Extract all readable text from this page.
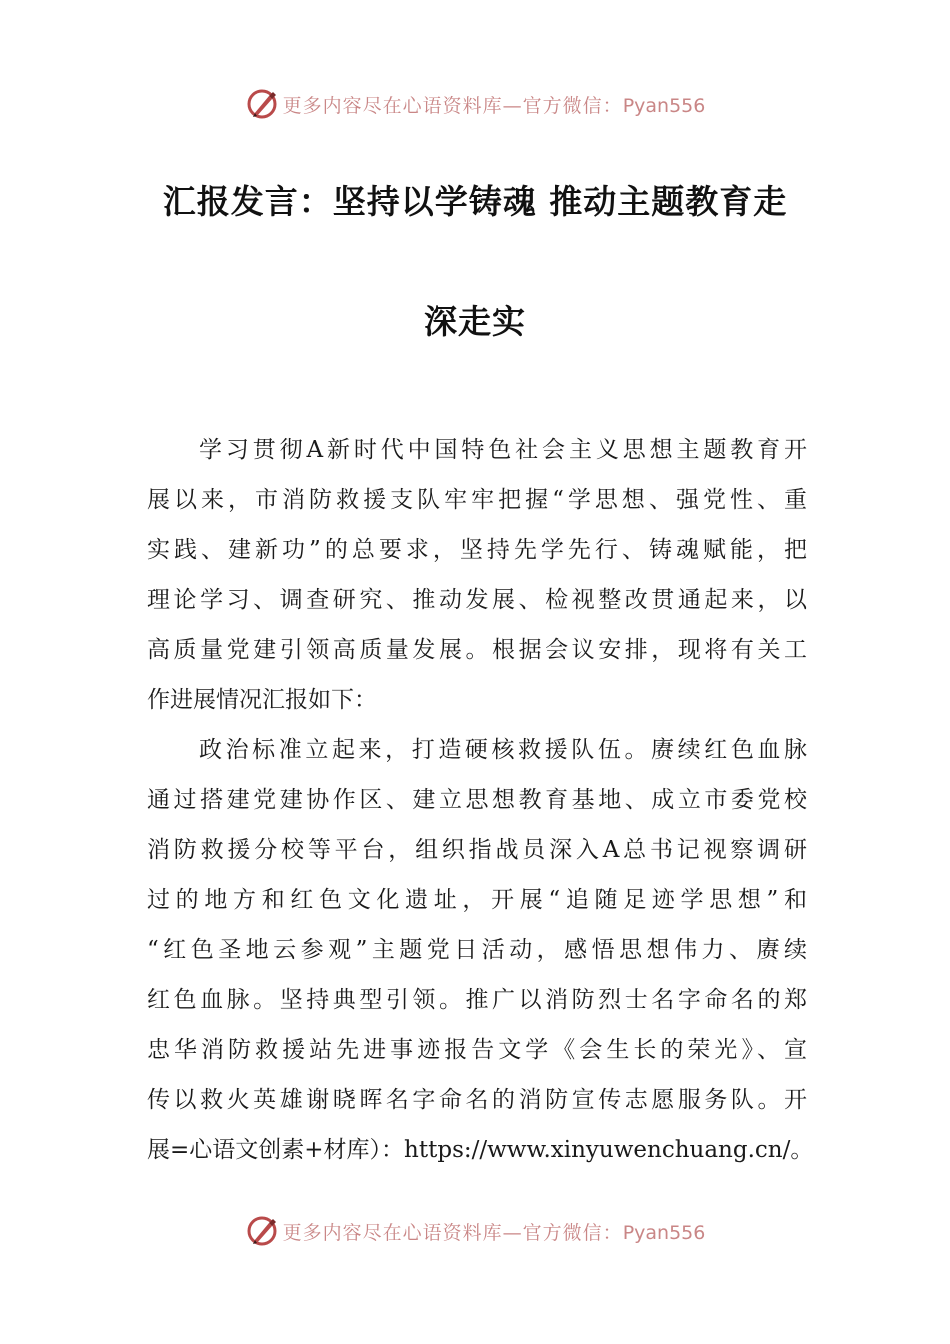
更多内容尽在心语资料库—官方微信：Pyan556
汇报发言：坚持以学铸魂 推动主题教育走
深走实
学习贯彻A新时代中国特色社会主义思想主题教育开
展以来，市消防救援支队牢牢把握“学思想、强党性、重
实践、建新功”的总要求，坚持先学先行、铸魂赋能，把
理论学习、调查研究、推动发展、检视整改贯通起来，以
高质量党建引领高质量发展。根据会议安排，现将有关工
作进展情况汇报如下：
政治标准立起来，打造硬核救援队伍。赓续红色血脉
通过搭建党建协作区、建立思想教育基地、成立市委党校
消防救援分校等平台，组织指战员深入A总书记视察调研
过的地方和红色文化遗址，开展“追随足迹学思想”和
“红色圣地云参观”主题党日活动，感悟思想伟力、赓续
红色血脉。坚持典型引领。推广以消防烈士名字命名的郑
忠华消防救援站先进事迹报告文学《会生长的荣光》、宣
传以救火英雄谢晓晖名字命名的消防宣传志愿服务队。开
展=心语文创素+材库）：https://www.xinyuwenchuang.cn/。
更多内容尽在心语资料库—官方微信：Pyan556
